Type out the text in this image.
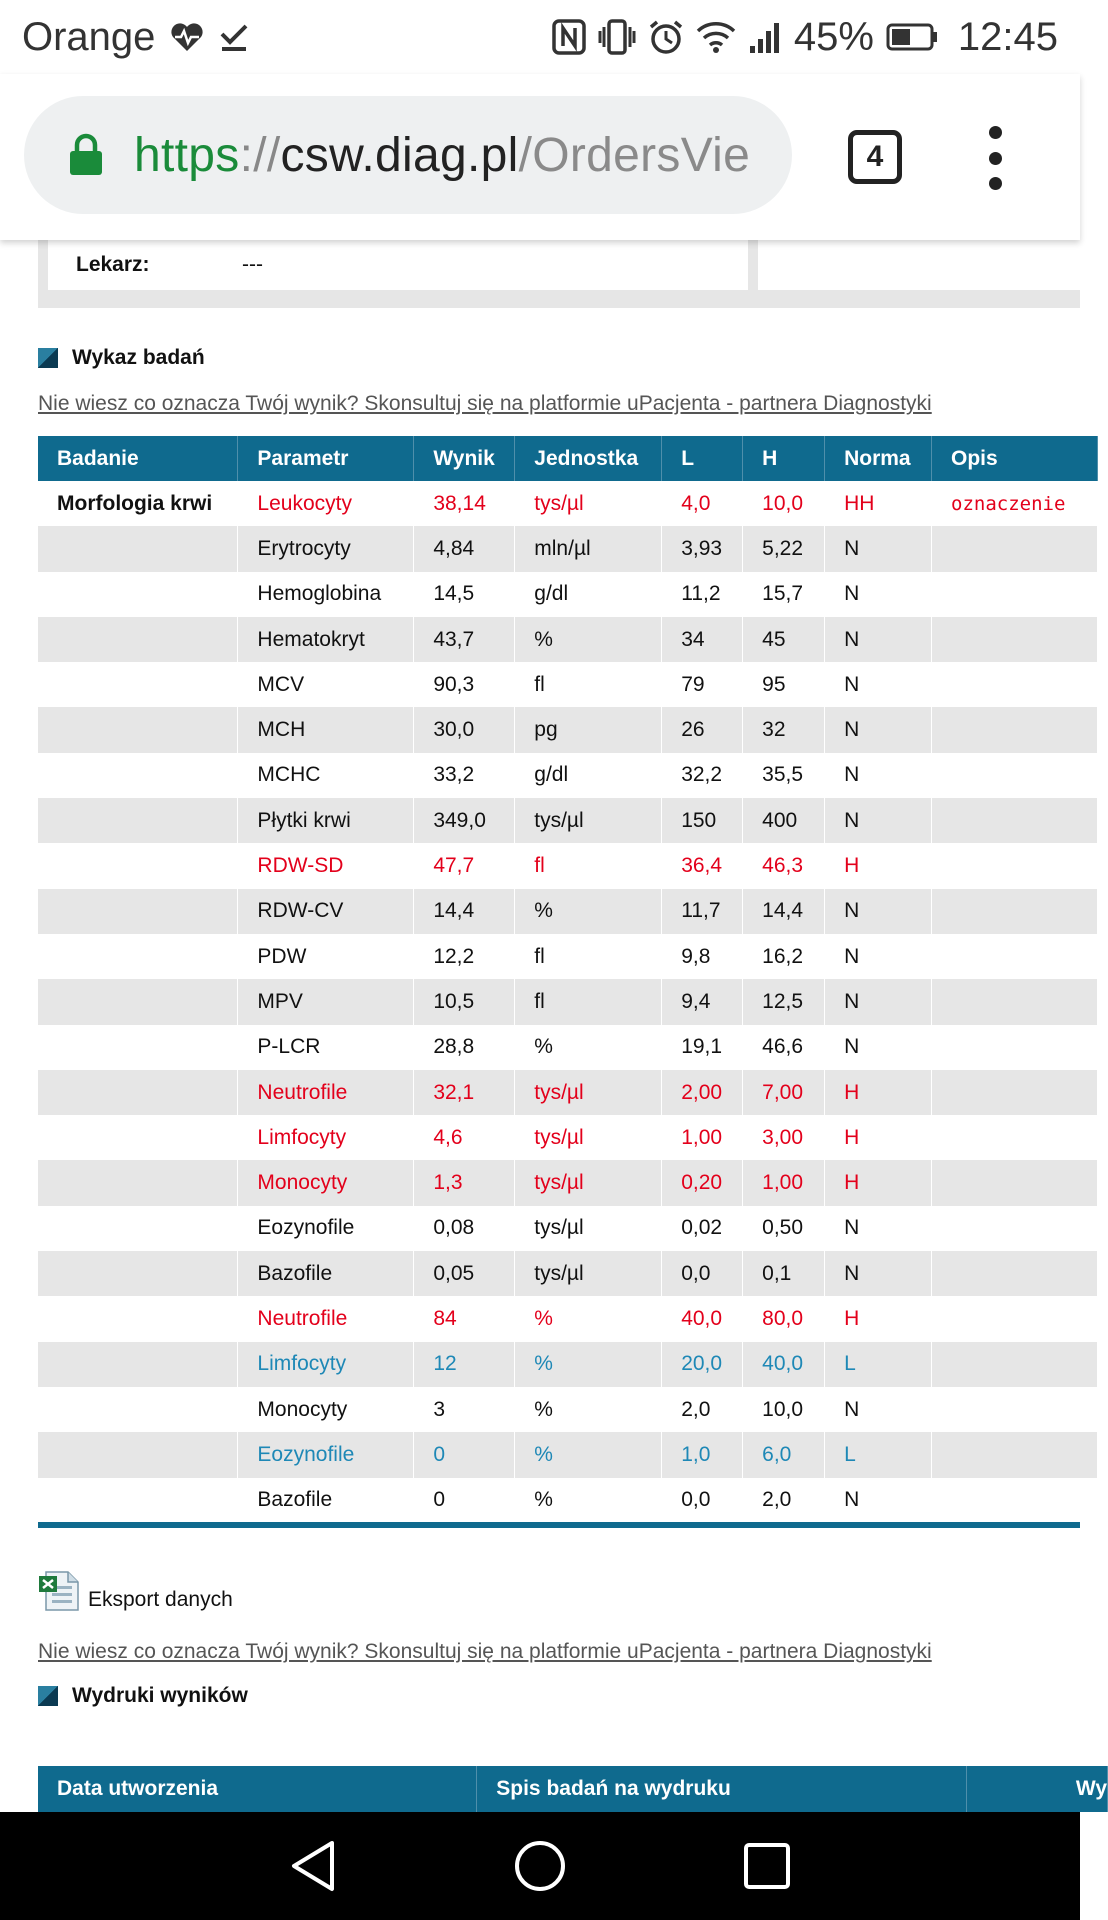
Orange	45% 12:45
https://csw.diag.pl/OrdersVie	4
Lekarz:	---
Wykaz badań
Nie wiesz co oznacza Twój wynik? Skonsultuj się na platformie uPacjenta - partnera Diagnostyki
Badanie	Parametr	Wynik	Jednostka	L	H	Norma	Opis
Morfologia krwi	Leukocyty	38,14	tys/µl	4,0	10,0	HH	oznaczenie
	Erytrocyty	4,84	mln/µl	3,93	5,22	N	
	Hemoglobina	14,5	g/dl	11,2	15,7	N	
	Hematokryt	43,7	%	34	45	N	
	MCV	90,3	fl	79	95	N	
	MCH	30,0	pg	26	32	N	
	MCHC	33,2	g/dl	32,2	35,5	N	
	Płytki krwi	349,0	tys/µl	150	400	N	
	RDW-SD	47,7	fl	36,4	46,3	H	
	RDW-CV	14,4	%	11,7	14,4	N	
	PDW	12,2	fl	9,8	16,2	N	
	MPV	10,5	fl	9,4	12,5	N	
	P-LCR	28,8	%	19,1	46,6	N	
	Neutrofile	32,1	tys/µl	2,00	7,00	H	
	Limfocyty	4,6	tys/µl	1,00	3,00	H	
	Monocyty	1,3	tys/µl	0,20	1,00	H	
	Eozynofile	0,08	tys/µl	0,02	0,50	N	
	Bazofile	0,05	tys/µl	0,0	0,1	N	
	Neutrofile	84	%	40,0	80,0	H	
	Limfocyty	12	%	20,0	40,0	L	
	Monocyty	3	%	2,0	10,0	N	
	Eozynofile	0	%	1,0	6,0	L	
	Bazofile	0	%	0,0	2,0	N	
Eksport danych
Nie wiesz co oznacza Twój wynik? Skonsultuj się na platformie uPacjenta - partnera Diagnostyki
Wydruki wyników
Data utworzenia	Spis badań na wydruku	Wy
